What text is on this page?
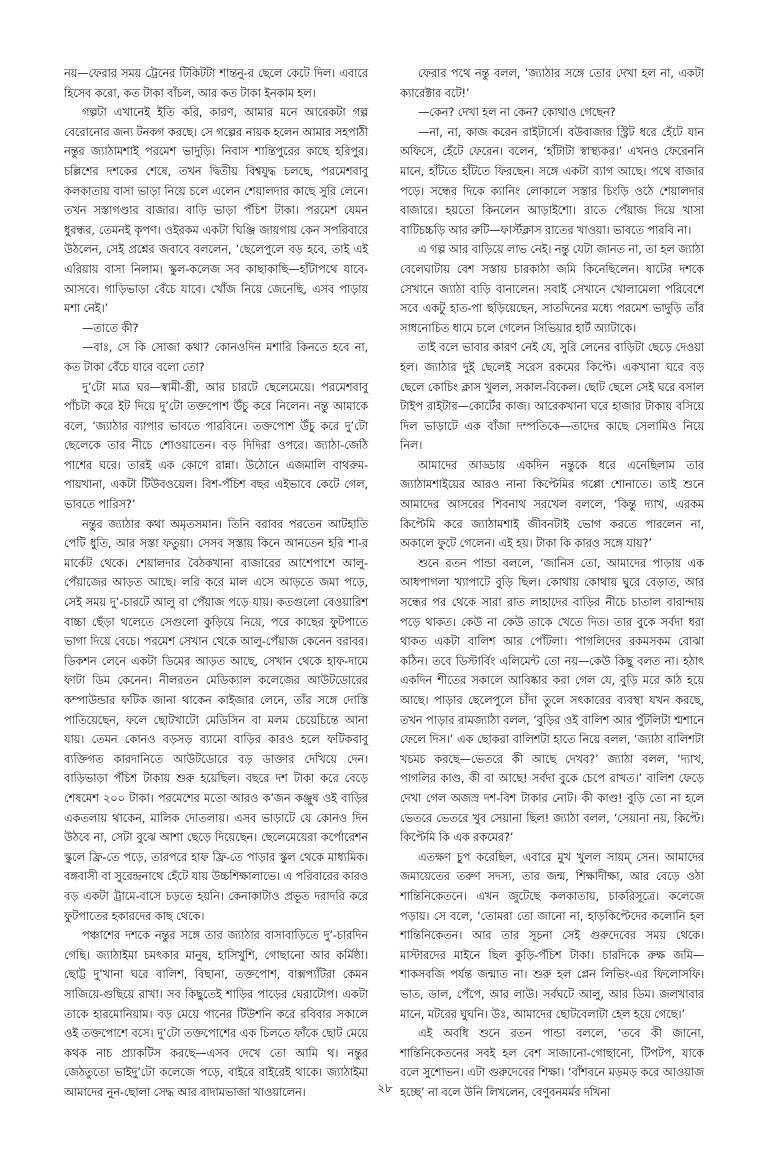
নয়—ফেরার সময় ট্রেনের টিকিটটা শান্তনু-র ছেলে কেটে দিল। এবারে হিসেব করো, কত টাকা বাঁচল, আর কত টাকা ইনকাম হল।

গল্পটা এখানেই ইতি করি, কারণ, আমার মনে আরেকটা গল্প বেরোনোর জন্য টনকগ করছে। সে গল্পের নায়ক হলেন আমার সহপাঠী নন্তুর জ্যাঠামশাই পরমেশ ভাদুড়ি। নিবাস শান্তিপুরের কাছে হরিপুর। চল্লিশের দশকের শেষে, তখন দ্বিতীয় বিশ্বযুদ্ধ চলছে, পরমেশবাবু কলকাতায় বাসা ভাড়া নিয়ে চলে এলেন শেয়ালদার কাছে সুরি লেনে। তখন সস্তাগণ্ডার বাজার। বাড়ি ভাড়া পঁচিশ টাকা। পরমেশ যেমন ধুরন্ধর, তেমনই কৃপণ। ওইরকম একটা ঘিঞ্জি জায়গায় কেন সপরিবারে উঠলেন, সেই প্রশ্নের জবাবে বললেন, ‘ছেলেপুলে বড় হবে, তাই এই এরিয়ায় বাসা নিলাম। স্কুল-কলেজ সব কাছাকাছি—হাঁটাপথে যাবে- আসবে। গাড়িভাড়া বেঁচে যাবে। খোঁজ নিয়ে জেনেছি, এসব পাড়ায় মশা নেই।’

—তাতে কী?

—বাঃ, সে কি সোজা কথা? কোনওদিন মশারি কিনতে হবে না, কত টাকা বেঁচে যাবে বলো তো?

দু’টো মাত্র ঘর—স্বামী-স্ত্রী, আর চারটে ছেলেমেয়ে। পরমেশবাবু পাঁচটা করে ইট দিয়ে দু’টো তক্তপোশ উঁচু করে নিলেন। নন্তু আমাকে বলে, ‘জ্যাঠার ব্যাপার ভাবতে পারবিনে। তক্তপোশ উঁচু করে দু’টো ছেলেকে তার নীচে শোওয়াতেন। বড় দিদিরা ওপরে। জ্যাঠা-জেঠি পাশের ঘরে। তারই এক কোণে রান্না। উঠোনে এজমালি বাথরুম-পায়খানা, একটা টিউবওয়েল। বিশ-পঁচিশ বছর এইভাবে কেটে গেল, ভাবতে পারিস?’

নন্তুর জ্যাঠার কথা অমৃতসমান। তিনি বরাবর পরতেন আটহাতি পেটি ধুতি, আর সস্তা ফতুয়া। সেসব সস্তায় কিনে আনতেন হরি শা-র মার্কেট থেকে। শেয়ালদার বৈঠকখানা বাজারের আশেপাশে আলু-পেঁয়াজের আড়ত আছে। লরি করে মাল এসে আড়তে জমা পড়ে, সেই সময় দু’-চারটে আলু বা পেঁয়াজ পড়ে যায়। কতগুলো বেওয়ারিশ বাচ্চা ছেঁড়া থলেতে সেগুলো কুড়িয়ে নিয়ে, পরে কাছের ফুটপাতে ভাগা দিয়ে বেচে। পরমেশ সেখান থেকে আলু-পেঁয়াজ কেনেন বরাবর। ডিকশন লেনে একটা ডিমের আড়ত আছে, সেখান থেকে হাফ-দামে ফাটা ডিম কেনেন। নীলরতন মেডিক্যাল কলেজের আউটডোরের কম্পাউন্ডার ফটিক জানা থাকেন কাইজার লেনে, তাঁর সঙ্গে দোস্তি পাতিয়েছেন, ফলে ছোটখাটো মেডিসিন বা মলম চেয়েচিন্তে আনা যায়। তেমন কোনও বড়সড় ব্যামো বাড়ির কারও হলে ফটিকবাবু ব্যক্তিগত কারদানিতে আউটডোরে বড় ডাক্তার দেখিয়ে দেন। বাড়িভাড়া পঁচিশ টাকায় শুরু হয়েছিল। বছরে দশ টাকা করে বেড়ে শেষমেশ ২০০ টাকা। পরমেশের মতো আরও ক’জন কঞ্জুষ ওই বাড়ির একতলায় থাকেন, মালিক দোতলায়। এসব ভাড়াটে যে কোনও দিন উঠবে না, সেটা বুঝে আশা ছেড়ে দিয়েছেন। ছেলেমেয়েরা কর্পোরেশন স্কুলে ফ্রি-তে পড়ে, তারপরে হাফ ফ্রি-তে পাড়ার স্কুল থেকে মাধ্যমিক। বঙ্গবাসী বা সুরেন্দ্রনাথে হেঁটে যায় উচ্চশিক্ষালাভে। এ পরিবারের কারও বড় একটা ট্রামে-বাসে চড়তে হয়নি। কেনাকাটাও প্রভূত দরাদরি করে ফুটপাতের হকারদের কাছ থেকে।

পঞ্চাশের দশকে নন্তুর সঙ্গে তার জ্যাঠার বাসাবাড়িতে দু’-চারদিন গেছি। জ্যাঠাইমা চমৎকার মানুষ, হাসিখুশি, গোছানো আর কর্মিষ্ঠা। ছোট্ট দু’খানা ঘরে বালিশ, বিছানা, তক্তপোশ, বাক্সপ্যাঁটরা কেমন সাজিয়ে-গুছিয়ে রাখা। সব কিছুতেই শাড়ির পাড়ের ঘেরাটোপ। একটা তাকে হারমোনিয়াম। বড় মেয়ে গানের টিউশনি করে রবিবার সকালে ওই তক্তপোশে বসে। দু’টো তক্তপোশের এক চিলতে ফাঁকে ছোট মেয়ে কথক নাচ প্র্যাকটিস করছে—এসব দেখে তো আমি থ। নন্তুর জেঠতুতো ভাইদু’টো কলেজে পড়ে, বাইরে বাইরেই থাকে। জ্যাঠাইমা আমাদের নুন-ছোলা সেদ্ধ আর বাদামভাজা খাওয়ালেন।

ফেরার পথে নন্তু বলল, ‘জ্যাঠার সঙ্গে তোর দেখা হল না, একটা ক্যারেক্টার বটে!’

—কেন? দেখা হল না কেন? কোথাও গেছেন?

—না, না, কাজ করেন রাইটার্সে। বউবাজার স্ট্রিট ধরে হেঁটে যান অফিসে, হেঁটে ফেরেন। বলেন, ‘হাঁটাটা স্বাস্থ্যকর।’ এখনও ফেরেননি মানে, হাঁটতে হাঁটতে ফিরছেন। সঙ্গে একটা ব্যাগ আছে। পথে বাজার পড়ে। সন্ধের দিকে ক্যানিং লোকালে সস্তার চিংড়ি ওঠে শেয়ালদার বাজারে। হয়তো কিনলেন আড়াইশো। রাতে পেঁয়াজ দিয়ে খাসা বাটিচচ্চড়ি আর রুটি—ফার্স্টক্লাস রাতের খাওয়া। ভাবতে পারবি না।

এ গল্প আর বাড়িয়ে লাভ নেই। নন্তু যেটা জানত না, তা হল জ্যাঠা বেলেঘাটায় বেশ সস্তায় চারকাঠা জমি কিনেছিলেন। ষাটের দশকে সেখানে জ্যাঠা বাড়ি বানালেন। সবাই সেখানে খোলামেলা পরিবেশে সবে একটু হাত-পা ছড়িয়েছেন, সাতদিনের মধ্যে পরমেশ ভাদুড়ি তাঁর সাধনোচিত ধামে চলে গেলেন সিভিয়ার হার্ট অ্যাটাকে।

তাই বলে ভাবার কারণ নেই যে, সুরি লেনের বাড়িটা ছেড়ে দেওয়া হল। জ্যাঠার দুই ছেলেই সরেস রকমের কিপ্টে। একখানা ঘরে বড় ছেলে কোচিং ক্লাস খুলল, সকাল-বিকেল। ছোট ছেলে সেই ঘরে বসাল টাইপ রাইটার—কোর্টের কাজ। আরেকখানা ঘরে হাজার টাকায় বসিয়ে দিল ভাড়াটে এক বাঁজা দম্পতিকে—তাদের কাছে সেলামিও নিয়ে নিল।

আমাদের আড্ডায় একদিন নন্তুকে ধরে এনেছিলাম তার জ্যাঠামশাইয়ের আরও নানা কিপ্টেমির গপ্পো শোনাতে। তাই শুনে আমাদের আসরের শিবনাথ সরখেল বললে, ‘কিন্তু দ্যাখ, এরকম কিপ্টেমি করে জ্যাঠামশাই জীবনটাই ভোগ করতে পারলেন না, অকালে ফুটে গেলেন। এই হয়। টাকা কি কারও সঙ্গে যায়?’

শুনে রতন পান্ডা বললে, ‘জানিস তো, আমাদের পাড়ায় এক আধপাগলা খ্যাপাটে বুড়ি ছিল। কোথায় কোথায় ঘুরে বেড়াত, আর সন্ধের পর থেকে সারা রাত লাহাদের বাড়ির নীচে চাতাল বারান্দায় পড়ে থাকত। কেউ না কেউ তাকে খেতে দিত। তার বুকে সর্বদা ধরা থাকত একটা বালিশ আর পোঁটলা। পাগলিদের রকমসকম বোঝা কঠিন। তবে ডিস্টার্বিং এলিমেন্ট তো নয়—কেউ কিছু বলত না। হঠাৎ একদিন শীতের সকালে আবিষ্কার করা গেল যে, বুড়ি মরে কাঠ হয়ে আছে। পাড়ার ছেলেপুলে চাঁদা তুলে সৎকারের ব্যবস্থা যখন করছে, তখন পাড়ার রামজ্যাঠা বলল, ‘বুড়ির ওই বালিশ আর পুঁটলিটা শ্মশানে ফেলে দিস।’ এক ছোকরা বালিশটা হাতে নিয়ে বলল, ‘জ্যাঠা বালিশটা খচমচ করছে—ভেতরে কী আছে দেখব?’ জ্যাঠা বলল, ‘দ্যাখ, পাগলির কাণ্ড, কী বা আছে! সর্বদা বুকে চেপে রাখত।’ বালিশ ফেড়ে দেখা গেল অজস্র দশ-বিশ টাকার নোট। কী কাণ্ড! বুড়ি তো না হলে ভেতরে ভেতরে খুব সেয়ানা ছিল! জ্যাঠা বলল, ‘সেয়ানা নয়, কিপ্টে। কিপ্টেমি কি এক রকমের?’

এতক্ষণ চুপ করেছিল, এবারে মুখ খুলল সায়ম্ সেন। আমাদের জমায়েতের তরুণ সদস্য, তার জন্ম, শিক্ষাদীক্ষা, আর বেড়ে ওঠা শান্তিনিকেতনে। এখন জুটেছে কলকাতায়, চাকরিসূত্রে। কলেজে পড়ায়। সে বলে, ‘তোমরা তো জানো না, হাড়কিপ্টেদের কলোনি হল শান্তিনিকেতন। আর তার সূচনা সেই গুরুদেবের সময় থেকে। মাস্টারদের মাইনে ছিল কুড়ি-পঁচিশ টাকা। চারদিকে রুক্ষ জমি—শাকসবজি পর্যন্ত জন্মাত না। শুরু হল প্লেন লিভিং-এর ফিলোসফি। ভাত, ডাল, পেঁপে, আর লাউ। সর্বঘটে আলু, আর ডিম। জলখাবার মানে, মটরের ঘুঘনি। উঃ, আমাদের ছোটবেলাটা হেল হয়ে গেছে।’

এই অবধি শুনে রতন পান্ডা বললে, ‘তবে কী জানো, শান্তিনিকেতনের সবই হল বেশ সাজানো-গোছানো, টিপটপ, যাকে বলে সুশোভন। এটা গুরুদেবের শিক্ষা। ‘বাঁশবনে মড়মড় করে আওয়াজ হচ্ছে’ না বলে উনি লিখলেন, বেণুবনমর্মর দখিনা

২৮
